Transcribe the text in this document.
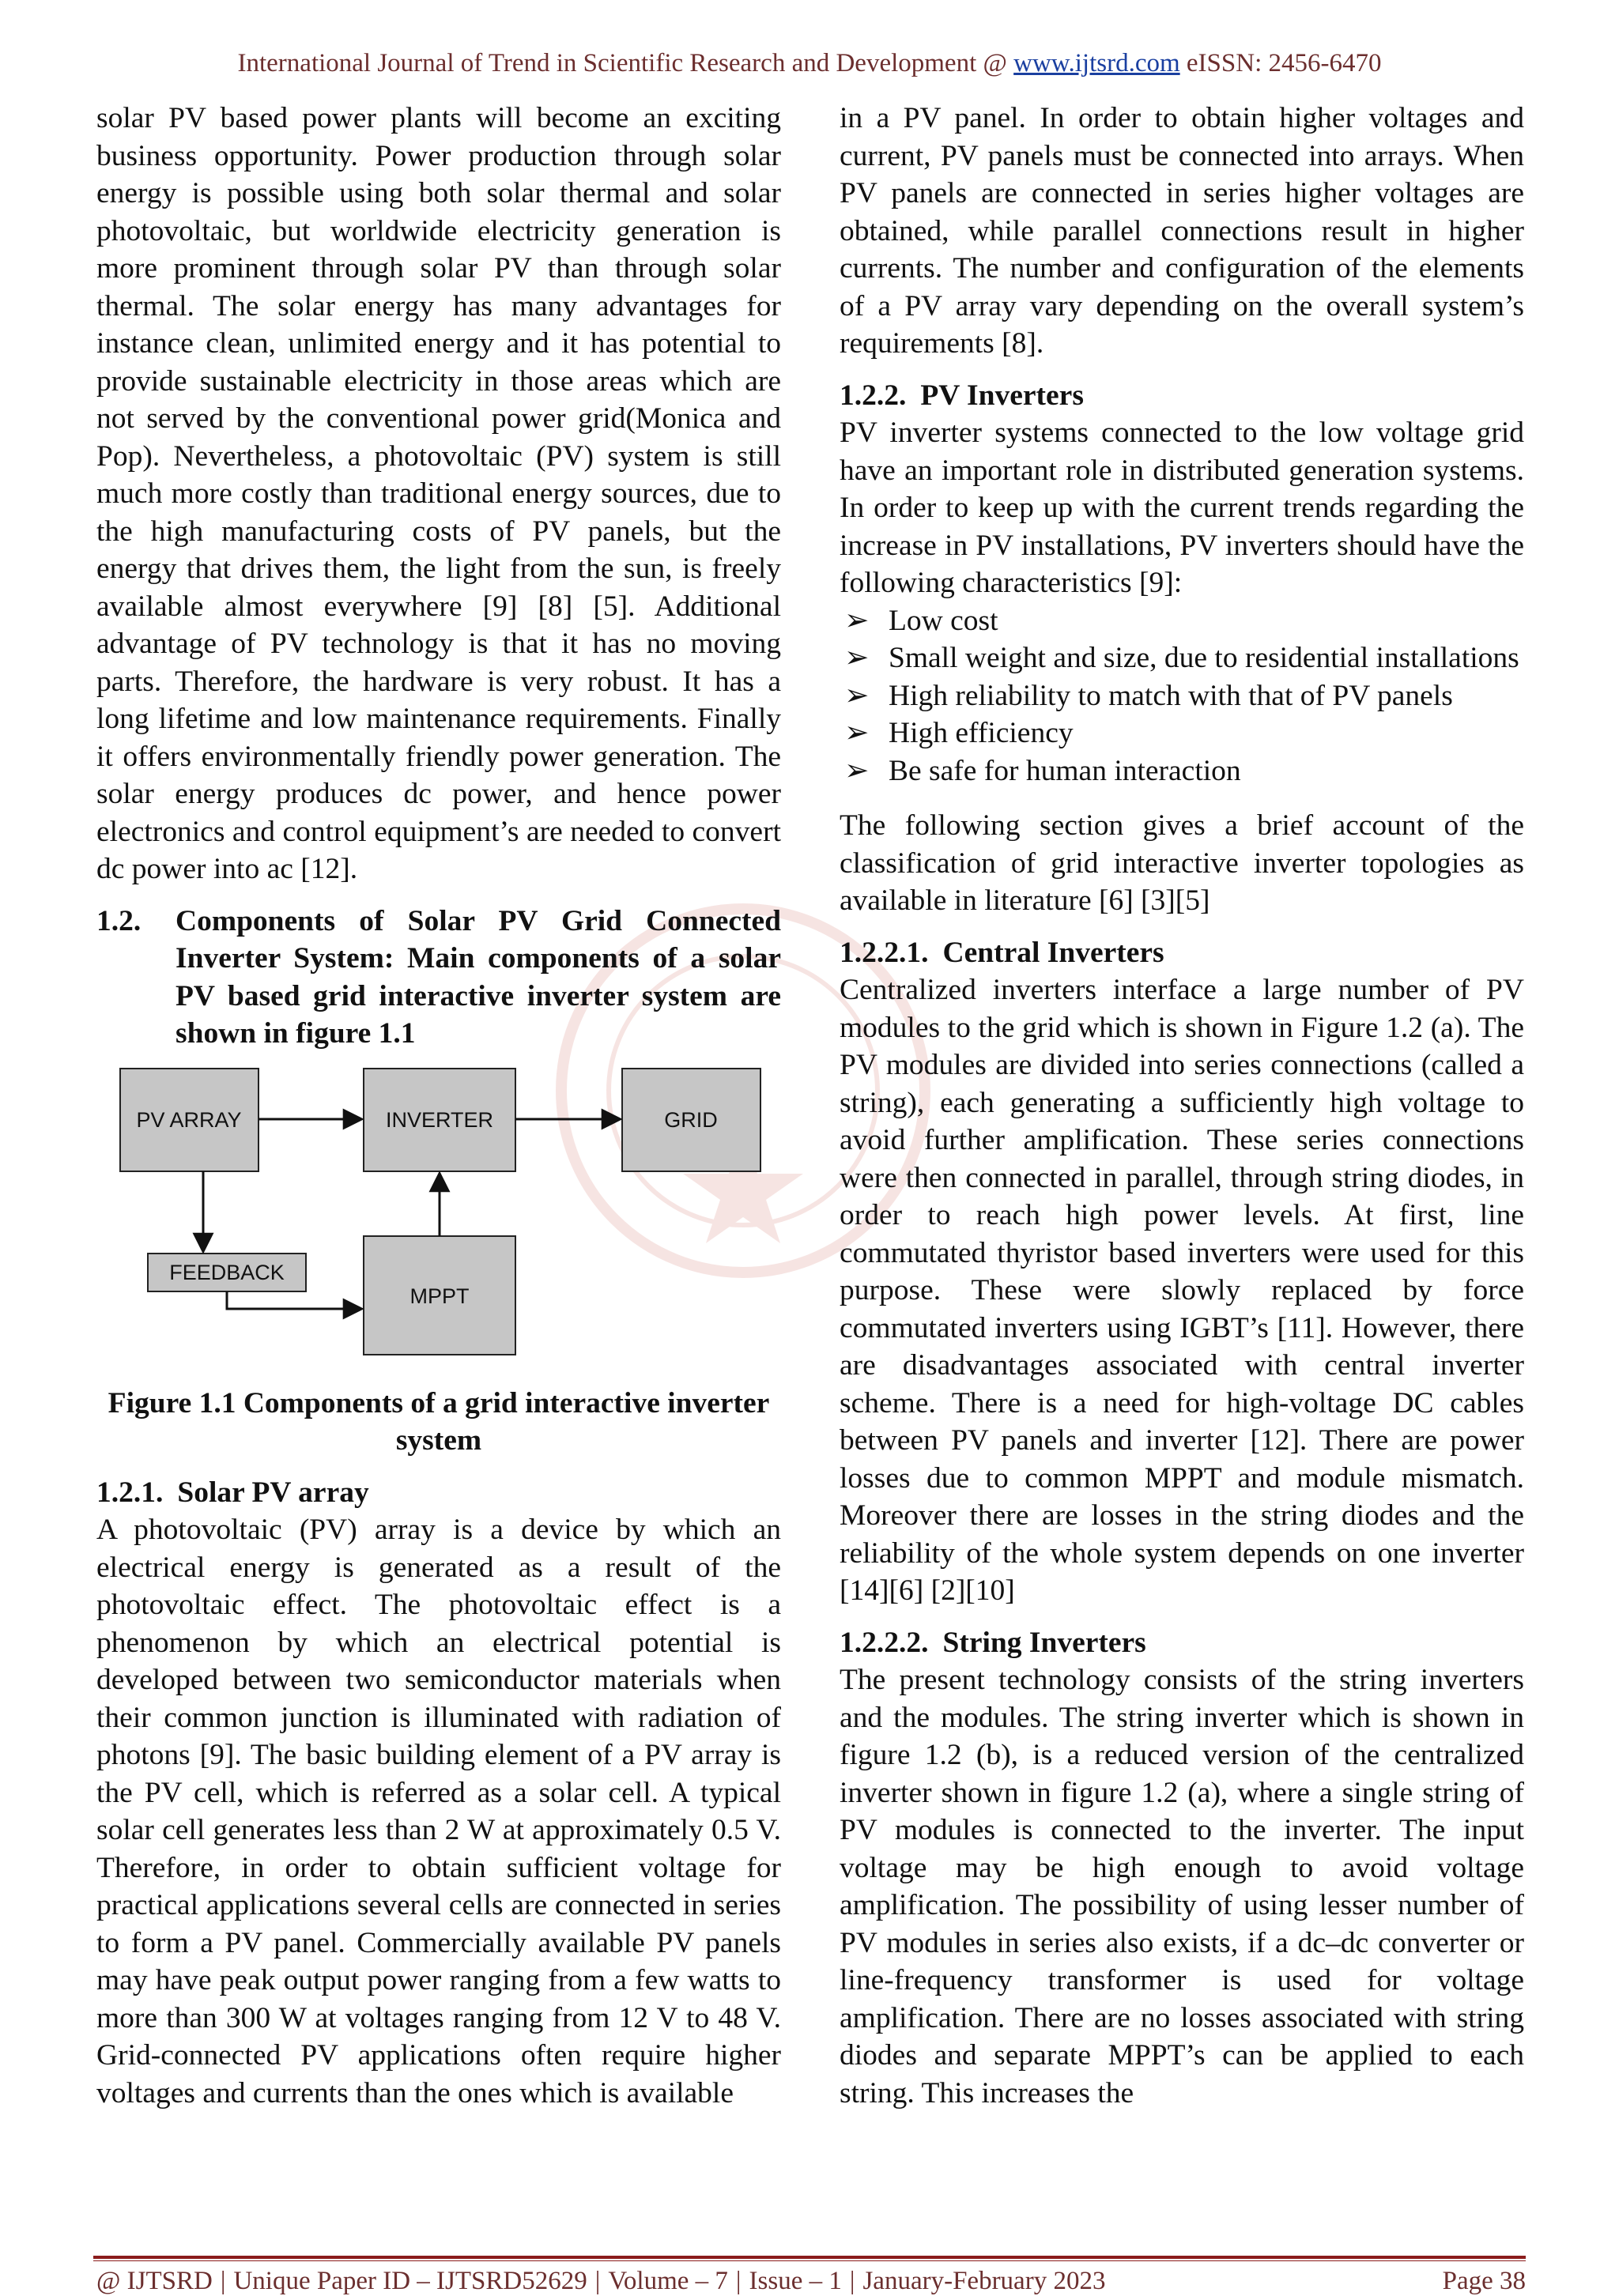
International Journal of Trend in Scientific Research and Development @ www.ijtsrd.com eISSN: 2456-6470

solar PV based power plants will become an exciting business opportunity. Power production through solar energy is possible using both solar thermal and solar photovoltaic, but worldwide electricity generation is more prominent through solar PV than through solar thermal. The solar energy has many advantages for instance clean, unlimited energy and it has potential to provide sustainable electricity in those areas which are not served by the conventional power grid(Monica and Pop). Nevertheless, a photovoltaic (PV) system is still much more costly than traditional energy sources, due to the high manufacturing costs of PV panels, but the energy that drives them, the light from the sun, is freely available almost everywhere [9] [8] [5]. Additional advantage of PV technology is that it has no moving parts. Therefore, the hardware is very robust. It has a long lifetime and low maintenance requirements. Finally it offers environmentally friendly power generation. The solar energy produces dc power, and hence power electronics and control equipment’s are needed to convert dc power into ac [12].

1.2.	Components of Solar PV Grid Connected Inverter System: Main components of a solar PV based grid interactive inverter system are shown in figure 1.1
PV ARRAY	INVERTER	GRID
FEEDBACK
MPPT
Figure 1.1 Components of a grid interactive inverter system
1.2.1. Solar PV array

A photovoltaic (PV) array is a device by which an electrical energy is generated as a result of the photovoltaic effect. The photovoltaic effect is a phenomenon by which an electrical potential is developed between two semiconductor materials when their common junction is illuminated with radiation of photons [9]. The basic building element of a PV array is the PV cell, which is referred as a solar cell. A typical solar cell generates less than 2 W at approximately 0.5 V. Therefore, in order to obtain sufficient voltage for practical applications several cells are connected in series to form a PV panel. Commercially available PV panels may have peak output power ranging from a few watts to more than 300 W at voltages ranging from 12 V to 48 V. Grid-connected PV applications often require higher voltages and currents than the ones which is available

in a PV panel. In order to obtain higher voltages and current, PV panels must be connected into arrays. When PV panels are connected in series higher voltages are obtained, while parallel connections result in higher currents. The number and configuration of the elements of a PV array vary depending on the overall system’s requirements [8].

1.2.2. PV Inverters

PV inverter systems connected to the low voltage grid have an important role in distributed generation systems. In order to keep up with the current trends regarding the increase in PV installations, PV inverters should have the following characteristics [9]:

➢ Low cost
➢ Small weight and size, due to residential installations
➢ High reliability to match with that of PV panels
➢ High efficiency
➢ Be safe for human interaction

The following section gives a brief account of the classification of grid interactive inverter topologies as available in literature [6] [3][5]

1.2.2.1. Central Inverters

Centralized inverters interface a large number of PV modules to the grid which is shown in Figure 1.2 (a). The PV modules are divided into series connections (called a string), each generating a sufficiently high voltage to avoid further amplification. These series connections were then connected in parallel, through string diodes, in order to reach high power levels. At first, line commutated thyristor based inverters were used for this purpose. These were slowly replaced by force commutated inverters using IGBT’s [11]. However, there are disadvantages associated with central inverter scheme. There is a need for high-voltage DC cables between PV panels and inverter [12]. There are power losses due to common MPPT and module mismatch. Moreover there are losses in the string diodes and the reliability of the whole system depends on one inverter [14][6] [2][10]

1.2.2.2. String Inverters

The present technology consists of the string inverters and the modules. The string inverter which is shown in figure 1.2 (b), is a reduced version of the centralized inverter shown in figure 1.2 (a), where a single string of PV modules is connected to the inverter. The input voltage may be high enough to avoid voltage amplification. The possibility of using lesser number of PV modules in series also exists, if a dc–dc converter or line-frequency transformer is used for voltage amplification. There are no losses associated with string diodes and separate MPPT’s can be applied to each string. This increases the

@ IJTSRD | Unique Paper ID – IJTSRD52629 | Volume – 7 | Issue – 1 | January-February 2023	Page 38
